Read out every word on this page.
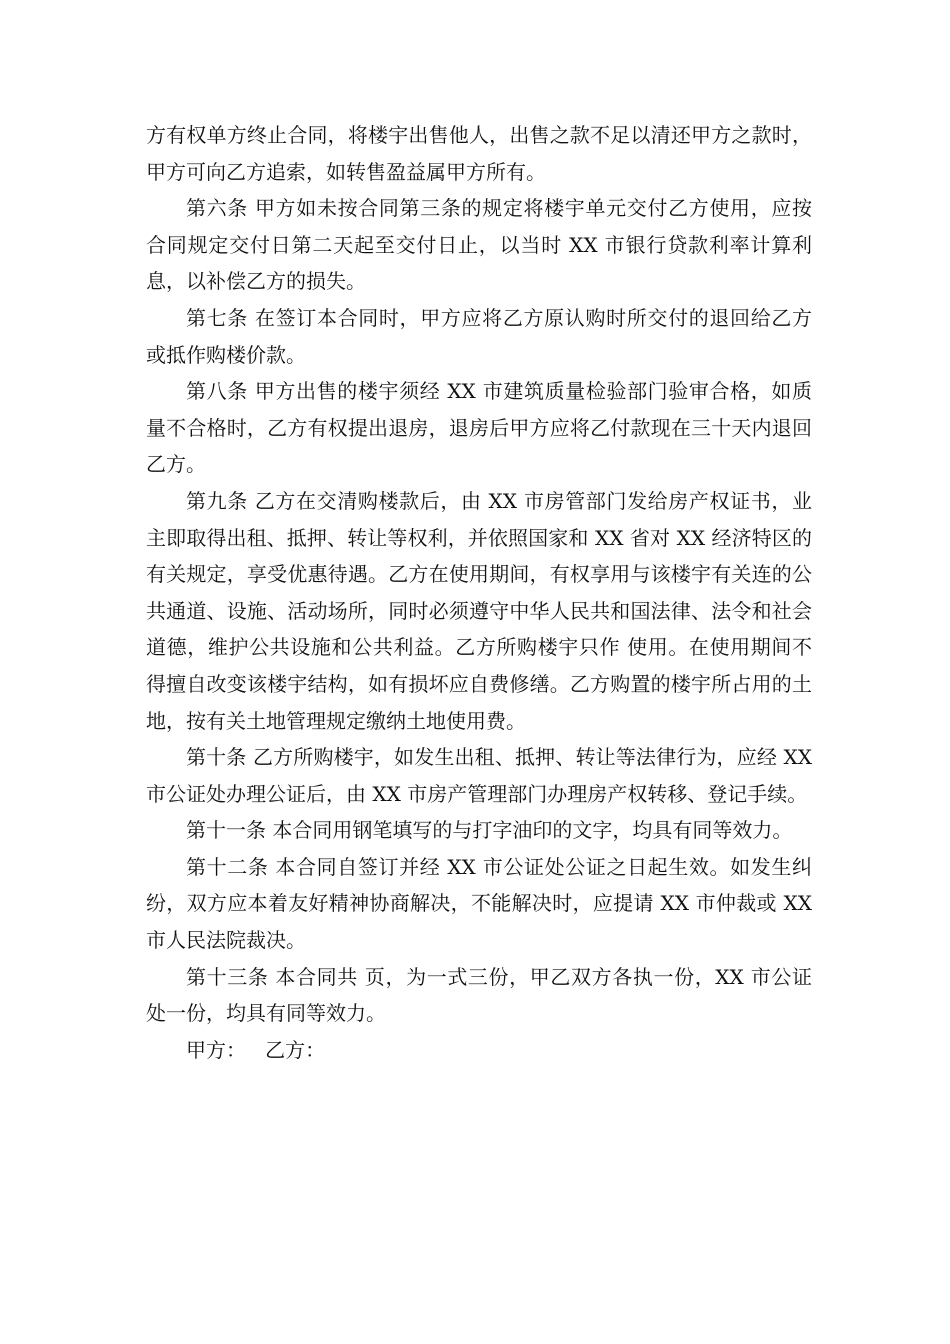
方有权单方终止合同，将楼宇出售他人，出售之款不足以清还甲方之款时，甲方可向乙方追索，如转售盈益属甲方所有。

第六条 甲方如未按合同第三条的规定将楼宇单元交付乙方使用，应按合同规定交付日第二天起至交付日止，以当时 XX 市银行贷款利率计算利息，以补偿乙方的损失。

第七条 在签订本合同时，甲方应将乙方原认购时所交付的退回给乙方或抵作购楼价款。

第八条 甲方出售的楼宇须经 XX 市建筑质量检验部门验审合格，如质量不合格时，乙方有权提出退房，退房后甲方应将乙付款现在三十天内退回乙方。

第九条 乙方在交清购楼款后，由 XX 市房管部门发给房产权证书，业主即取得出租、抵押、转让等权利，并依照国家和 XX 省对 XX 经济特区的有关规定，享受优惠待遇。乙方在使用期间，有权享用与该楼宇有关连的公共通道、设施、活动场所，同时必须遵守中华人民共和国法律、法令和社会道德，维护公共设施和公共利益。乙方所购楼宇只作 使用。在使用期间不得擅自改变该楼宇结构，如有损坏应自费修缮。乙方购置的楼宇所占用的土地，按有关土地管理规定缴纳土地使用费。

第十条 乙方所购楼宇，如发生出租、抵押、转让等法律行为，应经 XX 市公证处办理公证后，由 XX 市房产管理部门办理房产权转移、登记手续。

第十一条 本合同用钢笔填写的与打字油印的文字，均具有同等效力。

第十二条 本合同自签订并经 XX 市公证处公证之日起生效。如发生纠纷，双方应本着友好精神协商解决，不能解决时，应提请 XX 市仲裁或 XX 市人民法院裁决。

第十三条 本合同共 页，为一式三份，甲乙双方各执一份，XX 市公证处一份，均具有同等效力。

甲方： 乙方：
